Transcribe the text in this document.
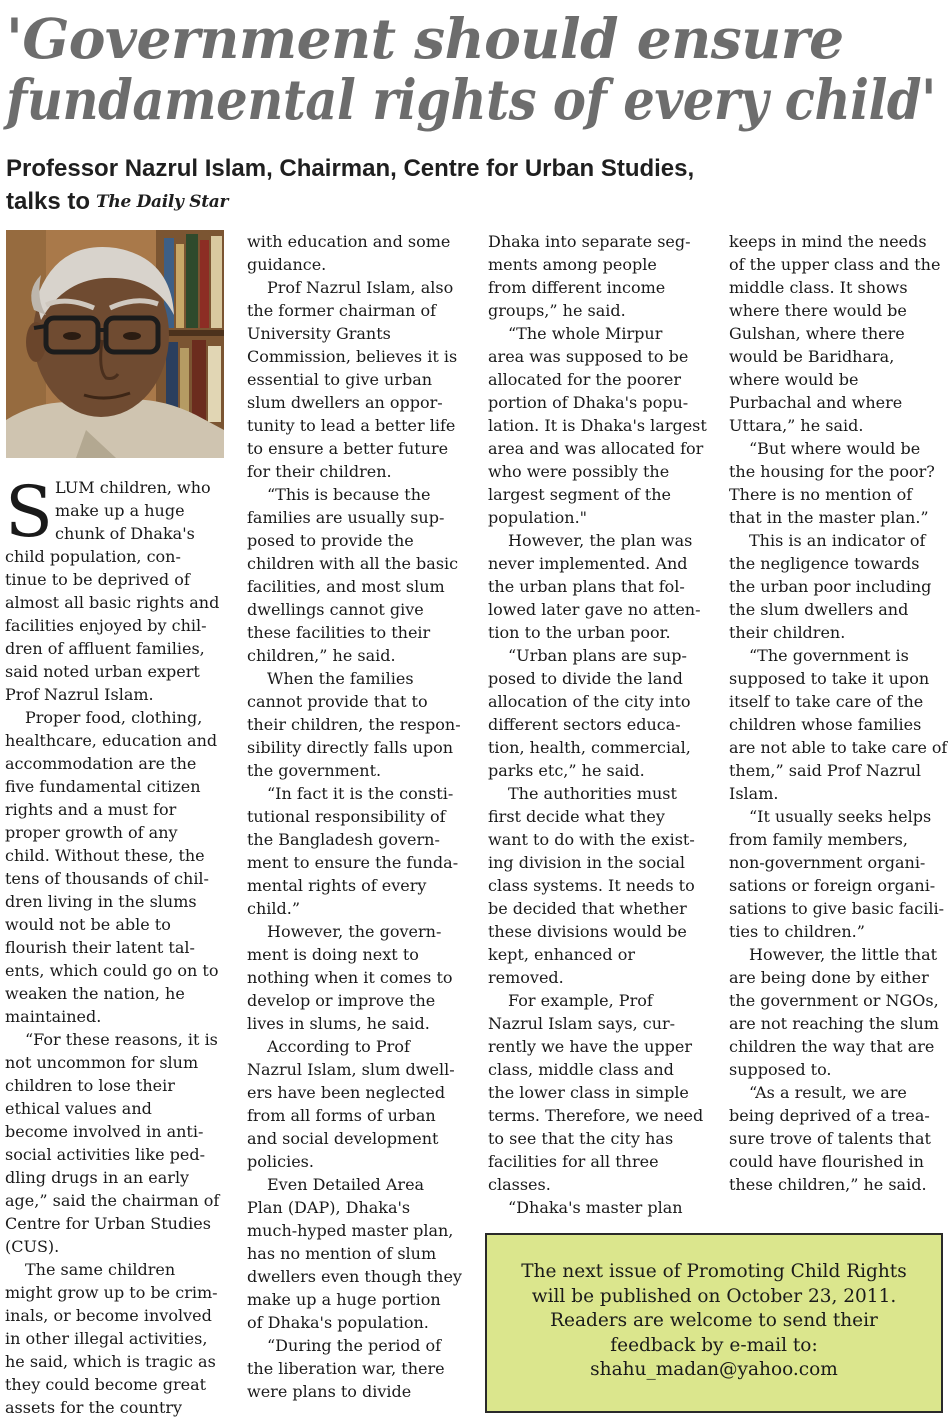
'Government should ensure
fundamental rights of every child'
Professor Nazrul Islam, Chairman, Centre for Urban Studies,
talks to The Daily Star
S LUM children, who
make up a huge
chunk of Dhaka's
child population, con-
tinue to be deprived of
almost all basic rights and
facilities enjoyed by chil-
dren of affluent families,
said noted urban expert
Prof Nazrul Islam.
Proper food, clothing,
healthcare, education and
accommodation are the
five fundamental citizen
rights and a must for
proper growth of any
child. Without these, the
tens of thousands of chil-
dren living in the slums
would not be able to
flourish their latent tal-
ents, which could go on to
weaken the nation, he
maintained.
“For these reasons, it is
not uncommon for slum
children to lose their
ethical values and
become involved in anti-
social activities like ped-
dling drugs in an early
age,” said the chairman of
Centre for Urban Studies
(CUS).
The same children
might grow up to be crim-
inals, or become involved
in other illegal activities,
he said, which is tragic as
they could become great
assets for the country
with education and some
guidance.
Prof Nazrul Islam, also
the former chairman of
University Grants
Commission, believes it is
essential to give urban
slum dwellers an oppor-
tunity to lead a better life
to ensure a better future
for their children.
“This is because the
families are usually sup-
posed to provide the
children with all the basic
facilities, and most slum
dwellings cannot give
these facilities to their
children,” he said.
When the families
cannot provide that to
their children, the respon-
sibility directly falls upon
the government.
“In fact it is the consti-
tutional responsibility of
the Bangladesh govern-
ment to ensure the funda-
mental rights of every
child.”
However, the govern-
ment is doing next to
nothing when it comes to
develop or improve the
lives in slums, he said.
According to Prof
Nazrul Islam, slum dwell-
ers have been neglected
from all forms of urban
and social development
policies.
Even Detailed Area
Plan (DAP), Dhaka's
much-hyped master plan,
has no mention of slum
dwellers even though they
make up a huge portion
of Dhaka's population.
“During the period of
the liberation war, there
were plans to divide
Dhaka into separate seg-
ments among people
from different income
groups,” he said.
“The whole Mirpur
area was supposed to be
allocated for the poorer
portion of Dhaka's popu-
lation. It is Dhaka's largest
area and was allocated for
who were possibly the
largest segment of the
population."
However, the plan was
never implemented. And
the urban plans that fol-
lowed later gave no atten-
tion to the urban poor.
“Urban plans are sup-
posed to divide the land
allocation of the city into
different sectors educa-
tion, health, commercial,
parks etc,” he said.
The authorities must
first decide what they
want to do with the exist-
ing division in the social
class systems. It needs to
be decided that whether
these divisions would be
kept, enhanced or
removed.
For example, Prof
Nazrul Islam says, cur-
rently we have the upper
class, middle class and
the lower class in simple
terms. Therefore, we need
to see that the city has
facilities for all three
classes.
“Dhaka's master plan
keeps in mind the needs
of the upper class and the
middle class. It shows
where there would be
Gulshan, where there
would be Baridhara,
where would be
Purbachal and where
Uttara,” he said.
“But where would be
the housing for the poor?
There is no mention of
that in the master plan.”
This is an indicator of
the negligence towards
the urban poor including
the slum dwellers and
their children.
“The government is
supposed to take it upon
itself to take care of the
children whose families
are not able to take care of
them,” said Prof Nazrul
Islam.
“It usually seeks helps
from family members,
non-government organi-
sations or foreign organi-
sations to give basic facili-
ties to children.”
However, the little that
are being done by either
the government or NGOs,
are not reaching the slum
children the way that are
supposed to.
“As a result, we are
being deprived of a trea-
sure trove of talents that
could have flourished in
these children,” he said.
The next issue of Promoting Child Rights
will be published on October 23, 2011.
Readers are welcome to send their
feedback by e-mail to:
shahu_madan@yahoo.com
